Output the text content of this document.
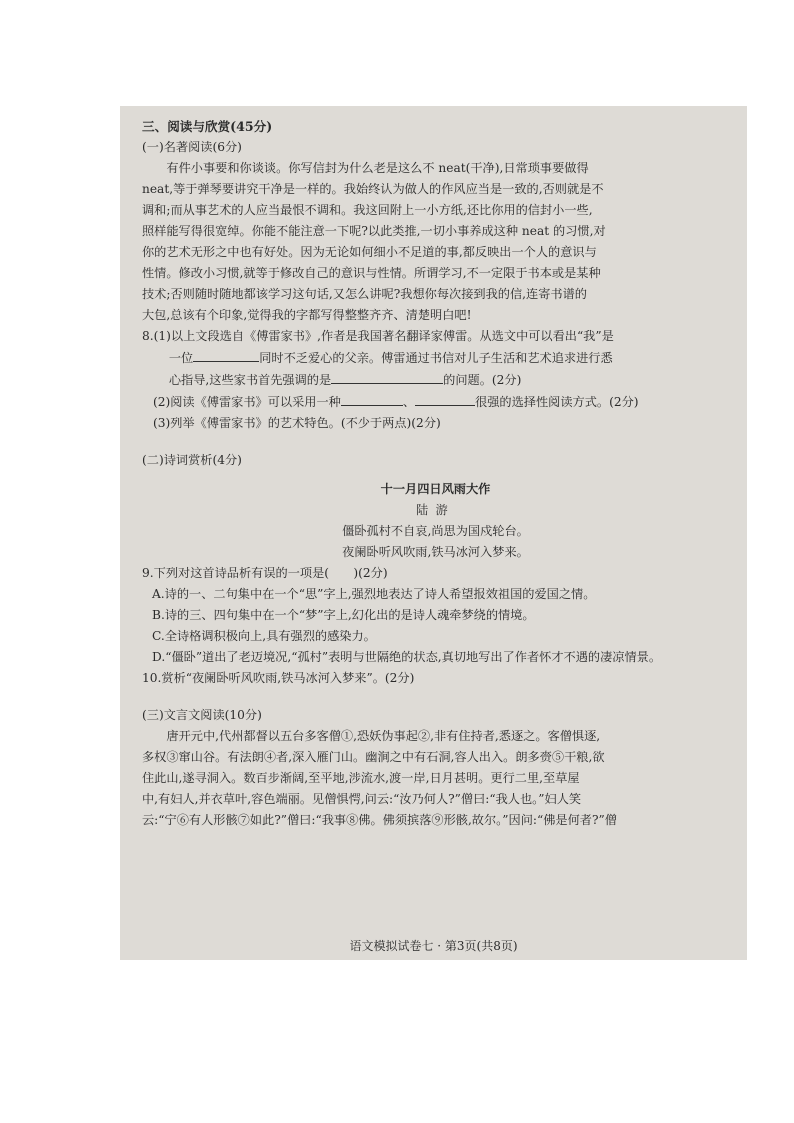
三、阅读与欣赏(45分)

(一)名著阅读(6分)

有件小事要和你谈谈。你写信封为什么老是这么不 neat(干净),日常琐事要做得

neat,等于弹琴要讲究干净是一样的。我始终认为做人的作风应当是一致的,否则就是不

调和;而从事艺术的人应当最恨不调和。我这回附上一小方纸,还比你用的信封小一些,

照样能写得很宽绰。你能不能注意一下呢?以此类推,一切小事养成这种 neat 的习惯,对

你的艺术无形之中也有好处。因为无论如何细小不足道的事,都反映出一个人的意识与

性情。修改小习惯,就等于修改自己的意识与性情。所谓学习,不一定限于书本或是某种

技术;否则随时随地都该学习这句话,又怎么讲呢?我想你每次接到我的信,连寄书谱的

大包,总该有个印象,觉得我的字都写得整整齐齐、清楚明白吧!

8.(1)以上文段选自《傅雷家书》,作者是我国著名翻译家傅雷。从选文中可以看出“我”是

一位	同时不乏爱心的父亲。傅雷通过书信对儿子生活和艺术追求进行悉

心指导,这些家书首先强调的是	的问题。(2分)

(2)阅读《傅雷家书》可以采用一种	、	很强的选择性阅读方式。(2分)

(3)列举《傅雷家书》的艺术特色。(不少于两点)(2分)

(二)诗词赏析(4分)

十一月四日风雨大作

陆游

僵卧孤村不自哀,尚思为国戍轮台。

夜阑卧听风吹雨,铁马冰河入梦来。

9.下列对这首诗品析有误的一项是(　　)(2分)

A.诗的一、二句集中在一个“思”字上,强烈地表达了诗人希望报效祖国的爱国之情。

B.诗的三、四句集中在一个“梦”字上,幻化出的是诗人魂牵梦绕的情境。

C.全诗格调积极向上,具有强烈的感染力。

D.“僵卧”道出了老迈境况,“孤村”表明与世隔绝的状态,真切地写出了作者怀才不遇的凄凉情景。

10.赏析“夜阑卧听风吹雨,铁马冰河入梦来”。(2分)

(三)文言文阅读(10分)

唐开元中,代州都督以五台多客僧①,恐妖伪事起②,非有住持者,悉逐之。客僧惧逐,

多权③窜山谷。有法朗④者,深入雁门山。幽涧之中有石洞,容人出入。朗多赍⑤干粮,欲

住此山,遂寻洞入。数百步渐阔,至平地,涉流水,渡一岸,日月甚明。更行二里,至草屋

中,有妇人,并衣草叶,容色端丽。见僧惧愕,问云:“汝乃何人?”僧曰:“我人也。”妇人笑

云:“宁⑥有人形骸⑦如此?”僧曰:“我事⑧佛。佛须摈落⑨形骸,故尔。”因问:“佛是何者?”僧

语文模拟试卷七 · 第3页(共8页)
